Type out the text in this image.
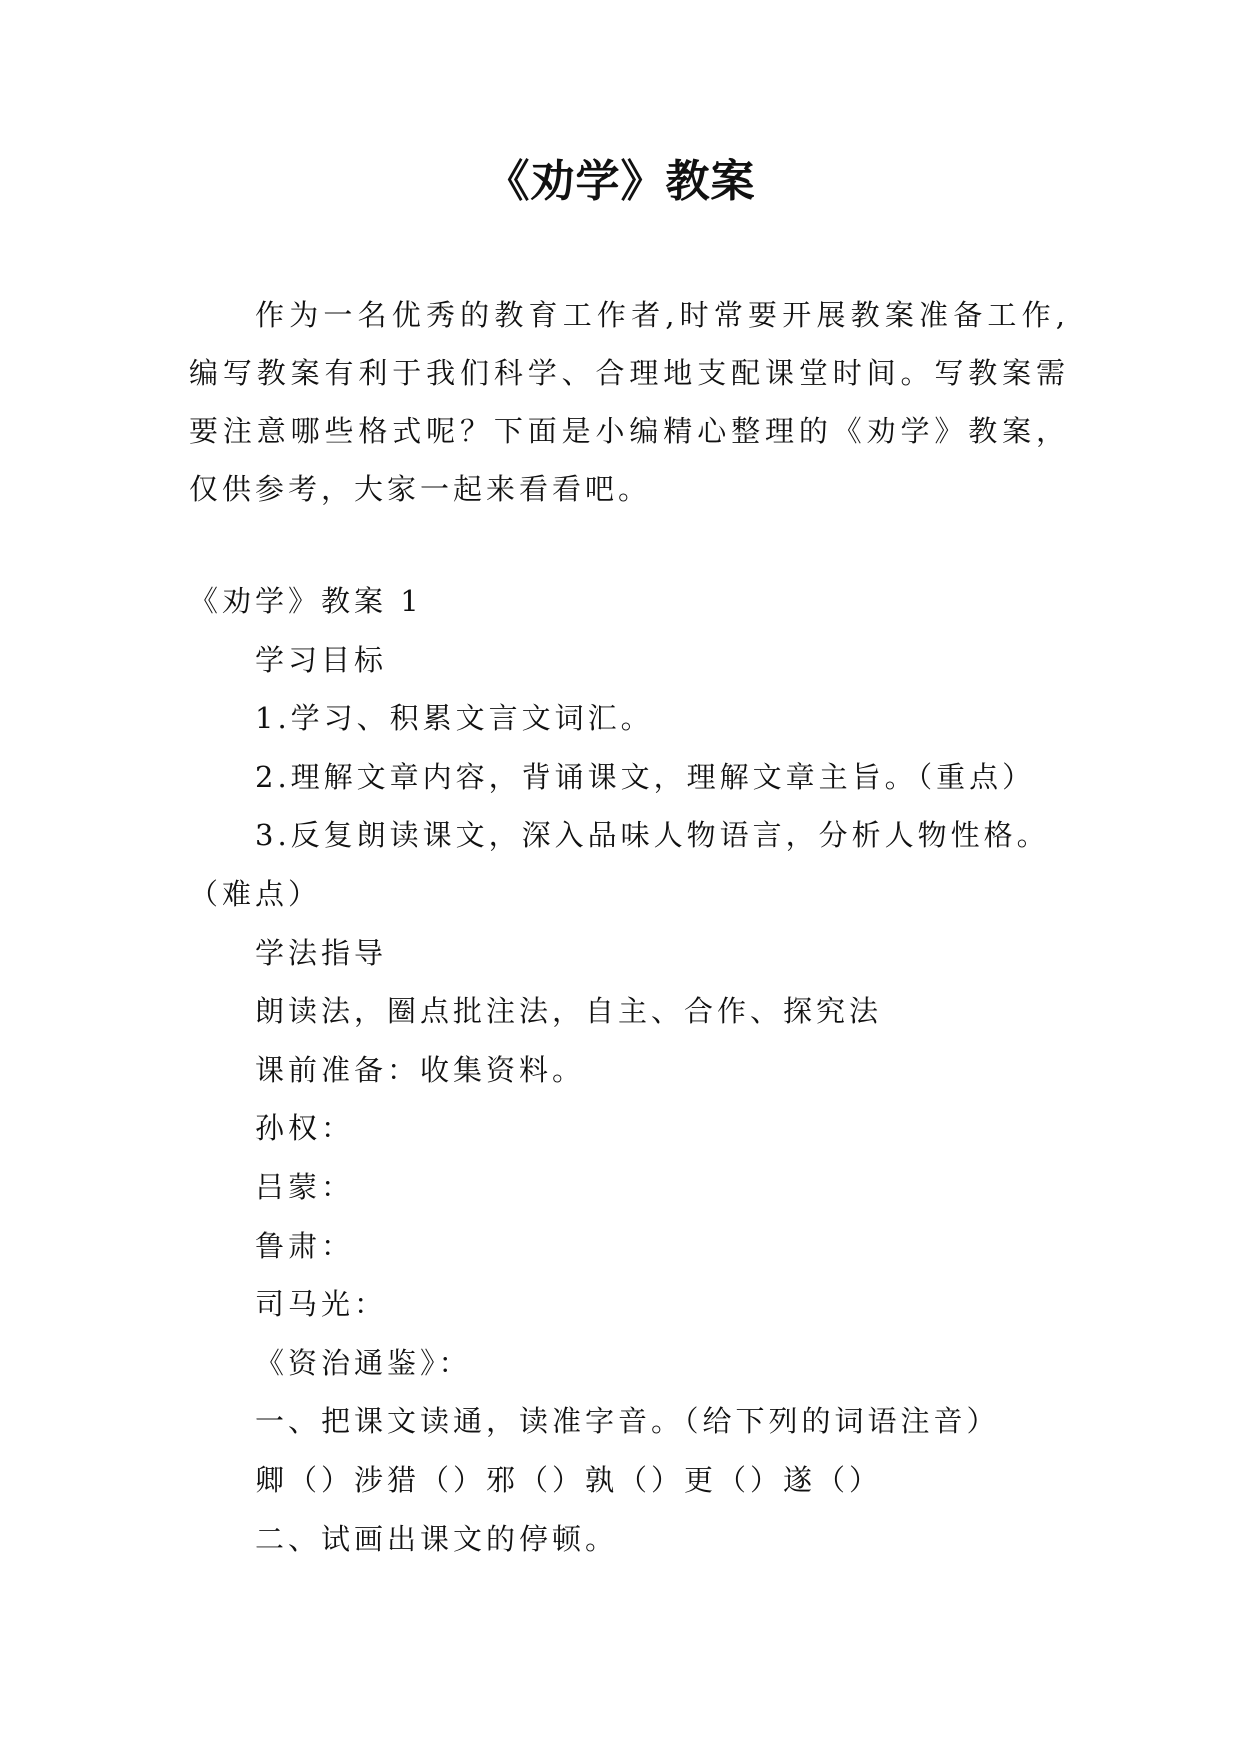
《劝学》教案

作为一名优秀的教育工作者,时常要开展教案准备工作,编写教案有利于我们科学、合理地支配课堂时间。写教案需要注意哪些格式呢？下面是小编精心整理的《劝学》教案，仅供参考，大家一起来看看吧。

《劝学》教案 1

学习目标

1.学习、积累文言文词汇。

2.理解文章内容，背诵课文，理解文章主旨。（重点）

3.反复朗读课文，深入品味人物语言，分析人物性格。（难点）

学法指导

朗读法，圈点批注法，自主、合作、探究法

课前准备：收集资料。

孙权：

吕蒙：

鲁肃：

司马光：

《资治通鉴》：

一、把课文读通，读准字音。（给下列的词语注音）

卿（）涉猎（）邪（）孰（）更（）遂（）

二、试画出课文的停顿。
